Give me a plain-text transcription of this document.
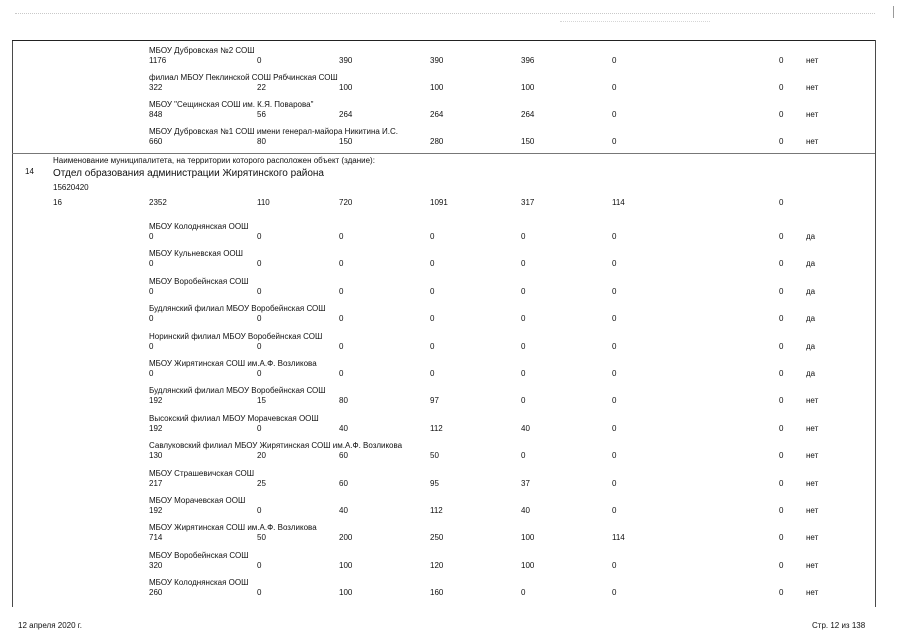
МБОУ Дубровская №2 СОШ
1176	0	390	390	396	0	0	нет
филиал МБОУ Пеклинской СОШ Рябчинская СОШ
322	22	100	100	100	0	0	нет
МБОУ "Сещинская СОШ им. К.Я. Поварова"
848	56	264	264	264	0	0	нет
МБОУ Дубровская №1 СОШ имени генерал-майора Никитина И.С.
660	80	150	280	150	0	0	нет
14
Наименование муниципалитета, на территории которого расположен объект (здание):
Отдел образования администрации Жирятинского района
15620420
16	2352	110	720	1091	317	114	0
МБОУ Колоднянская ООШ
0	0	0	0	0	0	0	да
МБОУ Кульневская ООШ
0	0	0	0	0	0	0	да
МБОУ Воробейнская СОШ
0	0	0	0	0	0	0	да
Будлянский филиал МБОУ Воробейнская СОШ
0	0	0	0	0	0	0	да
Норинский филиал МБОУ Воробейнская СОШ
0	0	0	0	0	0	0	да
МБОУ Жирятинская СОШ им.А.Ф. Возликова
0	0	0	0	0	0	0	да
Будлянский филиал МБОУ Воробейнская СОШ
192	15	80	97	0	0	0	нет
Высокский филиал МБОУ Морачевская ООШ
192	0	40	112	40	0	0	нет
Савлуковский филиал МБОУ Жирятинская СОШ им.А.Ф. Возликова
130	20	60	50	0	0	0	нет
МБОУ Страшевичская СОШ
217	25	60	95	37	0	0	нет
МБОУ Морачевская ООШ
192	0	40	112	40	0	0	нет
МБОУ Жирятинская СОШ им.А.Ф. Возликова
714	50	200	250	100	114	0	нет
МБОУ Воробейнская СОШ
320	0	100	120	100	0	0	нет
МБОУ Колоднянская ООШ
260	0	100	160	0	0	0	нет
12 апреля 2020 г.	Стр. 12 из 138
